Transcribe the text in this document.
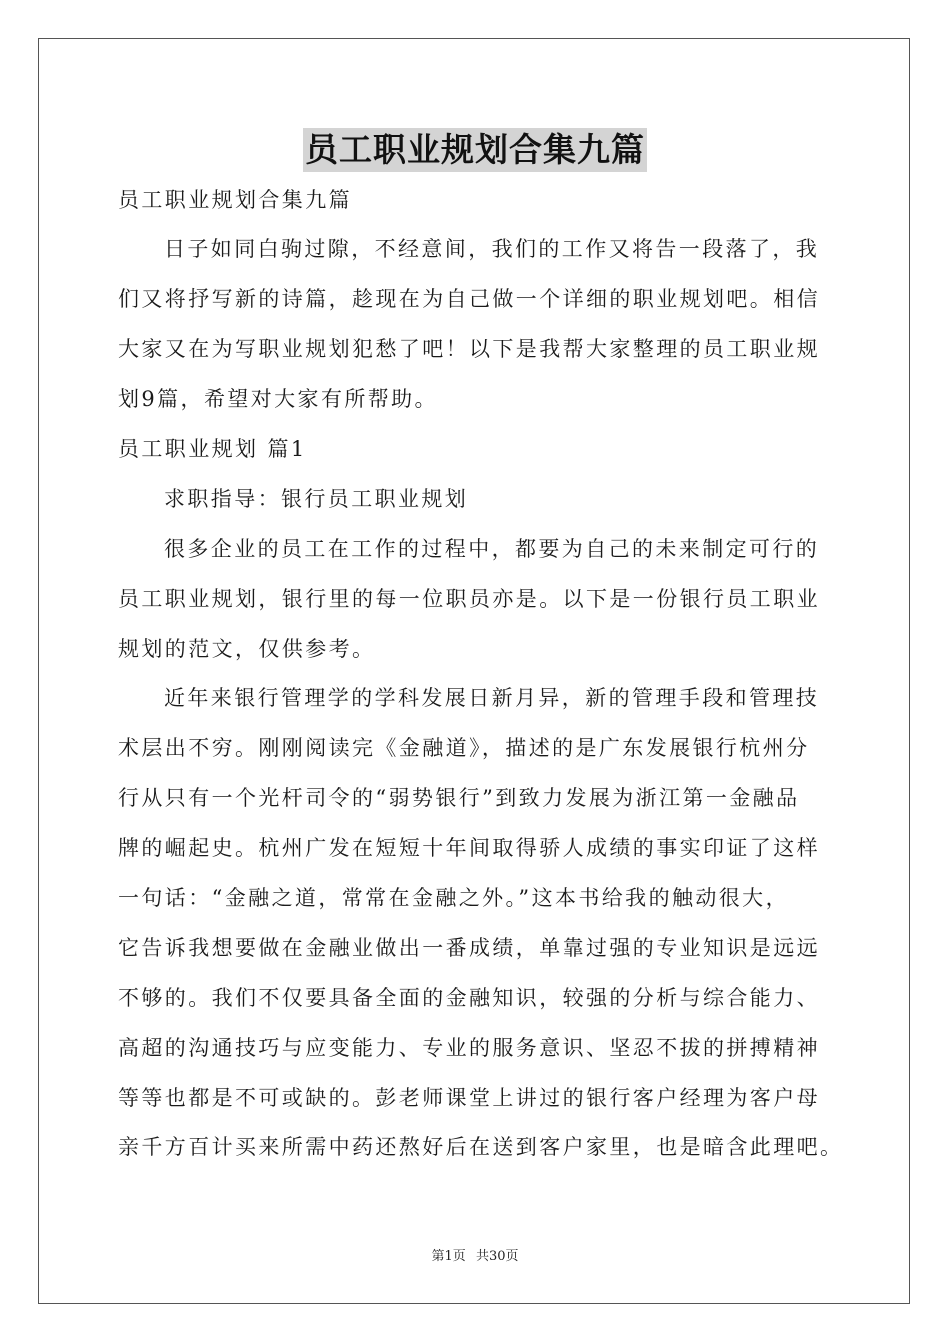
员工职业规划合集九篇
员工职业规划合集九篇
日子如同白驹过隙，不经意间，我们的工作又将告一段落了，我
们又将抒写新的诗篇，趁现在为自己做一个详细的职业规划吧。相信
大家又在为写职业规划犯愁了吧！以下是我帮大家整理的员工职业规
划9篇，希望对大家有所帮助。
员工职业规划 篇1
求职指导：银行员工职业规划
很多企业的员工在工作的过程中，都要为自己的未来制定可行的
员工职业规划，银行里的每一位职员亦是。以下是一份银行员工职业
规划的范文，仅供参考。
近年来银行管理学的学科发展日新月异，新的管理手段和管理技
术层出不穷。刚刚阅读完《金融道》，描述的是广东发展银行杭州分
行从只有一个光杆司令的“弱势银行”到致力发展为浙江第一金融品
牌的崛起史。杭州广发在短短十年间取得骄人成绩的事实印证了这样
一句话：“金融之道，常常在金融之外。”这本书给我的触动很大，
它告诉我想要做在金融业做出一番成绩，单靠过强的专业知识是远远
不够的。我们不仅要具备全面的金融知识，较强的分析与综合能力、
高超的沟通技巧与应变能力、专业的服务意识、坚忍不拔的拼搏精神
等等也都是不可或缺的。彭老师课堂上讲过的银行客户经理为客户母
亲千方百计买来所需中药还熬好后在送到客户家里，也是暗含此理吧。
第1页 共30页
